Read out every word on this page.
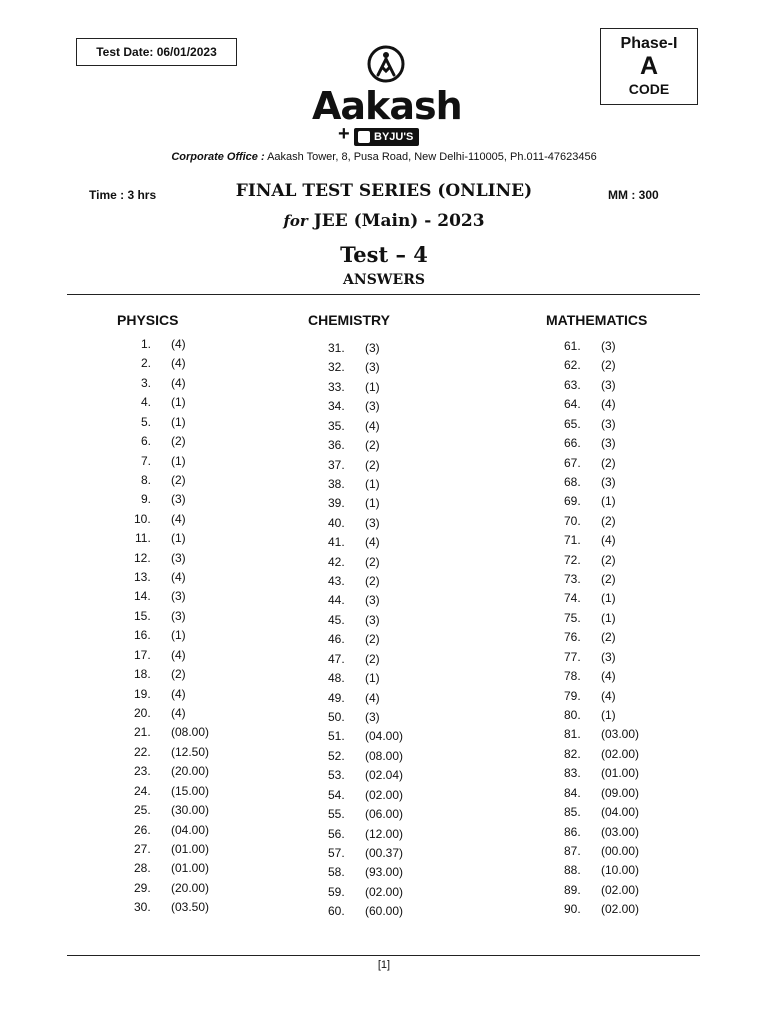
Test Date: 06/01/2023	Phase-I
A
CODE
Aakash
+	BYJU'S
Corporate Office : Aakash Tower, 8, Pusa Road, New Delhi-110005, Ph.011-47623456
Time : 3 hrs	MM : 300
FINAL TEST SERIES (ONLINE)
for JEE (Main) - 2023
Test – 4
ANSWERS
PHYSICS	CHEMISTRY	MATHEMATICS
1. (4)
2. (4)
3. (4)
4. (1)
5. (1)
6. (2)
7. (1)
8. (2)
9. (3)
10. (4)
11. (1)
12. (3)
13. (4)
14. (3)
15. (3)
16. (1)
17. (4)
18. (2)
19. (4)
20. (4)
21. (08.00)
22. (12.50)
23. (20.00)
24. (15.00)
25. (30.00)
26. (04.00)
27. (01.00)
28. (01.00)
29. (20.00)
30. (03.50)
31. (3)
32. (3)
33. (1)
34. (3)
35. (4)
36. (2)
37. (2)
38. (1)
39. (1)
40. (3)
41. (4)
42. (2)
43. (2)
44. (3)
45. (3)
46. (2)
47. (2)
48. (1)
49. (4)
50. (3)
51. (04.00)
52. (08.00)
53. (02.04)
54. (02.00)
55. (06.00)
56. (12.00)
57. (00.37)
58. (93.00)
59. (02.00)
60. (60.00)
61. (3)
62. (2)
63. (3)
64. (4)
65. (3)
66. (3)
67. (2)
68. (3)
69. (1)
70. (2)
71. (4)
72. (2)
73. (2)
74. (1)
75. (1)
76. (2)
77. (3)
78. (4)
79. (4)
80. (1)
81. (03.00)
82. (02.00)
83. (01.00)
84. (09.00)
85. (04.00)
86. (03.00)
87. (00.00)
88. (10.00)
89. (02.00)
90. (02.00)
[1]
